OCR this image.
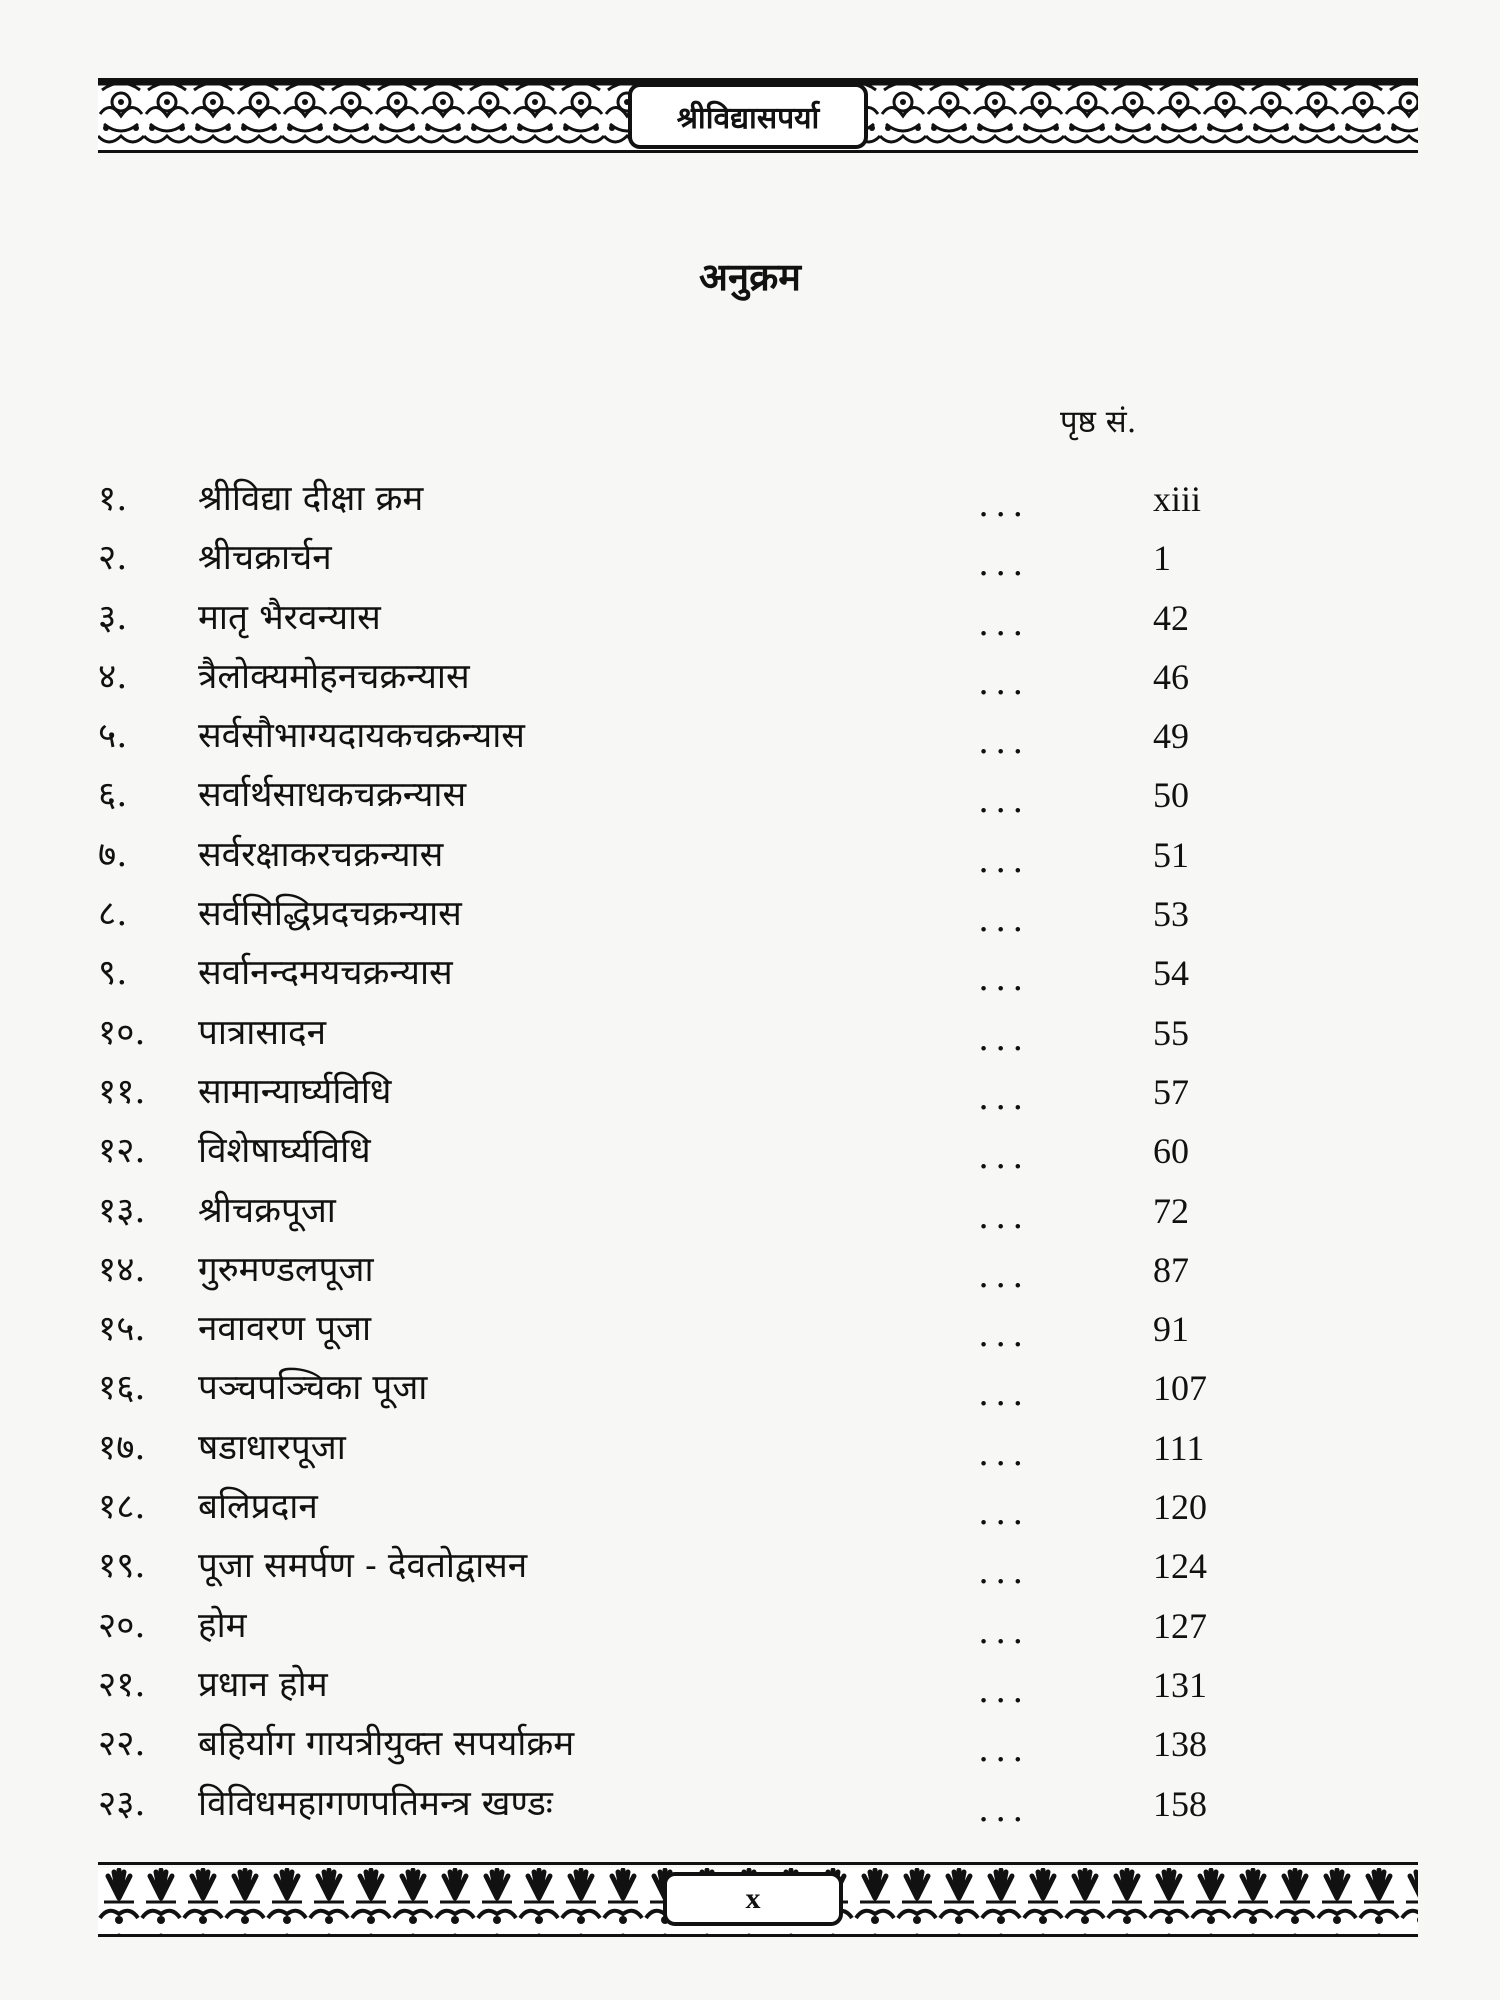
श्रीविद्यासपर्या
अनुक्रम
पृष्ठ सं.
१. श्रीविद्या दीक्षा क्रम	...	xiii
२. श्रीचक्रार्चन	...	1
३. मातृ भैरवन्यास	...	42
४. त्रैलोक्यमोहनचक्रन्यास	...	46
५. सर्वसौभाग्यदायकचक्रन्यास	...	49
६. सर्वार्थसाधकचक्रन्यास	...	50
७. सर्वरक्षाकरचक्रन्यास	...	51
८. सर्वसिद्धिप्रदचक्रन्यास	...	53
९. सर्वानन्दमयचक्रन्यास	...	54
१०. पात्रासादन	...	55
११. सामान्यार्घ्यविधि	...	57
१२. विशेषार्घ्यविधि	...	60
१३. श्रीचक्रपूजा	...	72
१४. गुरुमण्डलपूजा	...	87
१५. नवावरण पूजा	...	91
१६. पञ्चपञ्चिका पूजा	...	107
१७. षडाधारपूजा	...	111
१८. बलिप्रदान	...	120
१९. पूजा समर्पण - देवतोद्वासन	...	124
२०. होम	...	127
२१. प्रधान होम	...	131
२२. बहिर्याग गायत्रीयुक्त सपर्याक्रम	...	138
२३. विविधमहागणपतिमन्त्र खण्डः	...	158
x
